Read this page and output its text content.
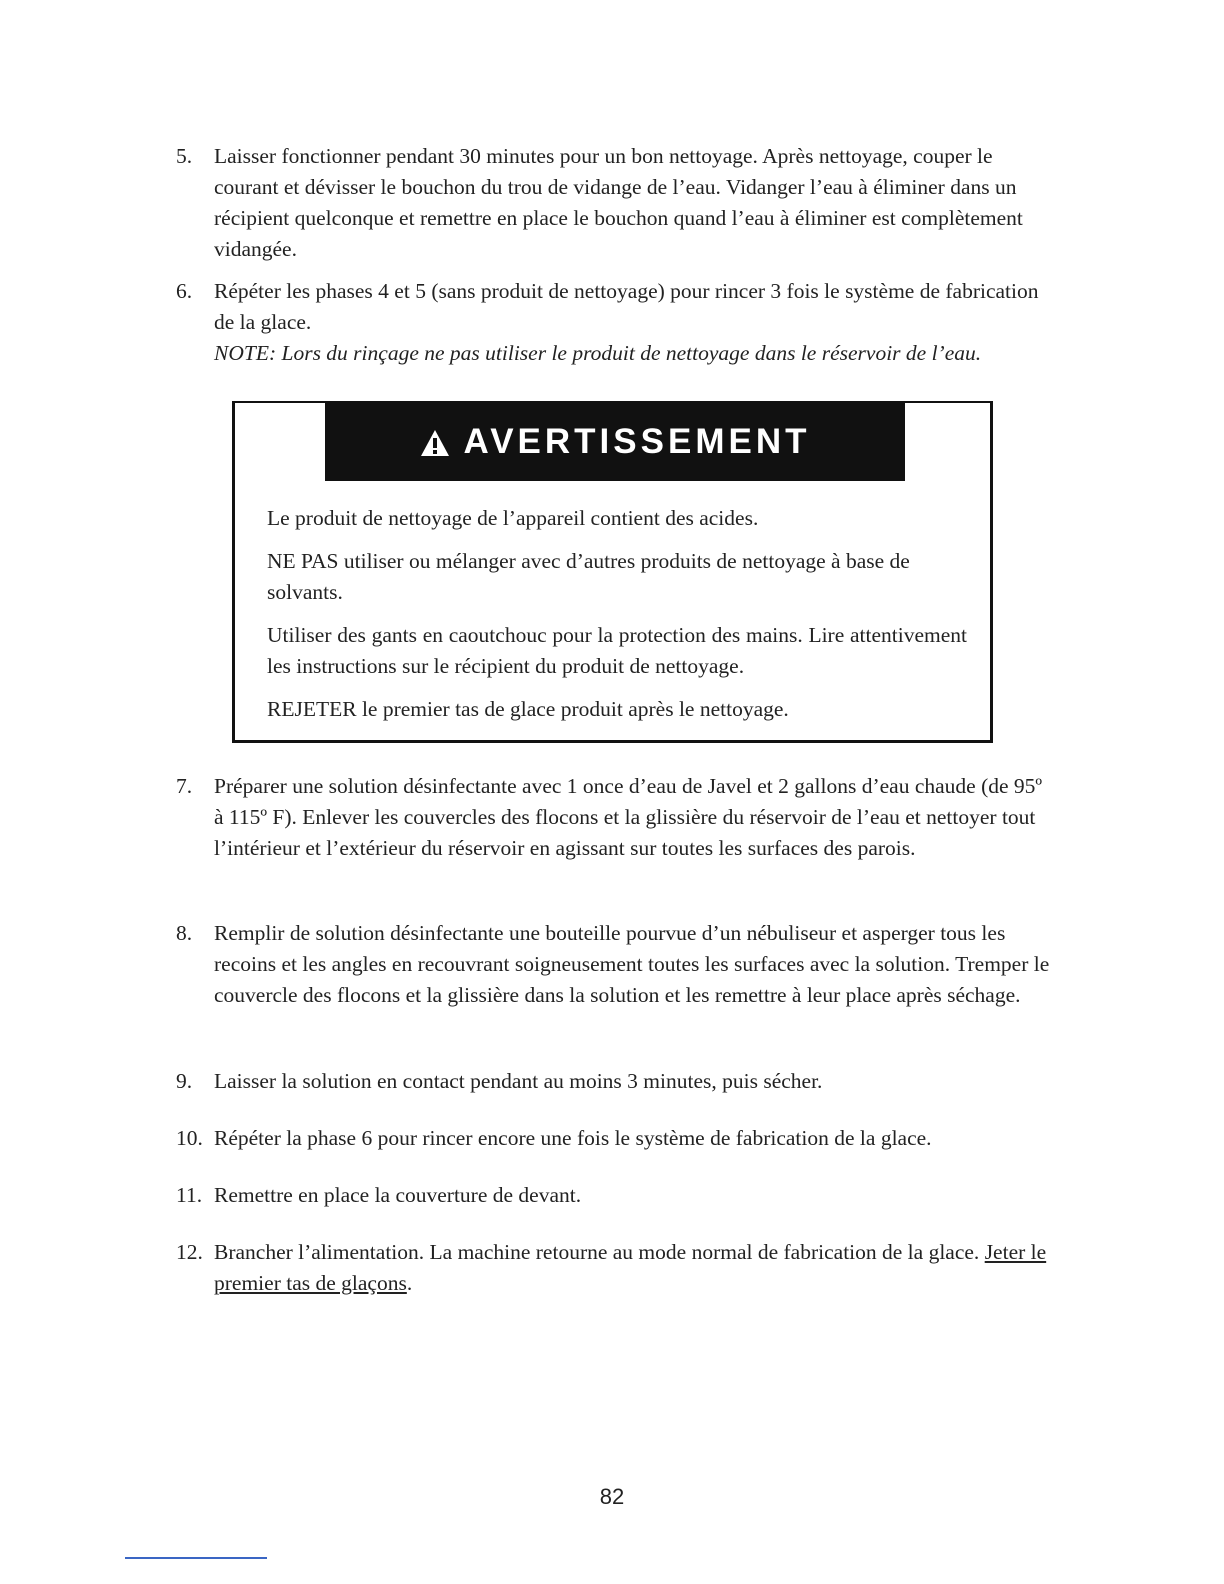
5.	Laisser fonctionner pendant 30 minutes pour un bon nettoyage. Après nettoyage, couper le courant et dévisser le bouchon du trou de vidange de l’eau. Vidanger l’eau à éliminer dans un récipient quelconque et remettre en place le bouchon quand l’eau à éliminer est complètement vidangée.
6.	Répéter les phases 4 et 5 (sans produit de nettoyage) pour rincer 3 fois le système de fabrication de la glace.
NOTE: Lors du rinçage ne pas utiliser le produit de nettoyage dans le réservoir de l’eau.
AVERTISSEMENT

Le produit de nettoyage de l’appareil contient des acides.

NE PAS utiliser ou mélanger avec d’autres produits de nettoyage à base de solvants.

Utiliser des gants en caoutchouc pour la protection des mains. Lire attentivement les instructions sur le récipient du produit de nettoyage.

REJETER le premier tas de glace produit après le nettoyage.

7.	Préparer une solution désinfectante avec 1 once d’eau de Javel et 2 gallons d’eau chaude (de 95º à 115º F). Enlever les couvercles des flocons et la glissière du réservoir de l’eau et nettoyer tout l’intérieur et l’extérieur du réservoir en agissant sur toutes les surfaces des parois.
8.	Remplir de solution désinfectante une bouteille pourvue d’un nébuliseur et asperger tous les recoins et les angles en recouvrant soigneusement toutes les surfaces avec la solution. Tremper le couvercle des flocons et la glissière dans la solution et les remettre à leur place après séchage.
9.	Laisser la solution en contact pendant au moins 3 minutes, puis sécher.
10. Répéter la phase 6 pour rincer encore une fois le système de fabrication de la glace.
11. Remettre en place la couverture de devant.
12. Brancher l’alimentation. La machine retourne au mode normal de fabrication de la glace. Jeter le premier tas de glaçons.
82
